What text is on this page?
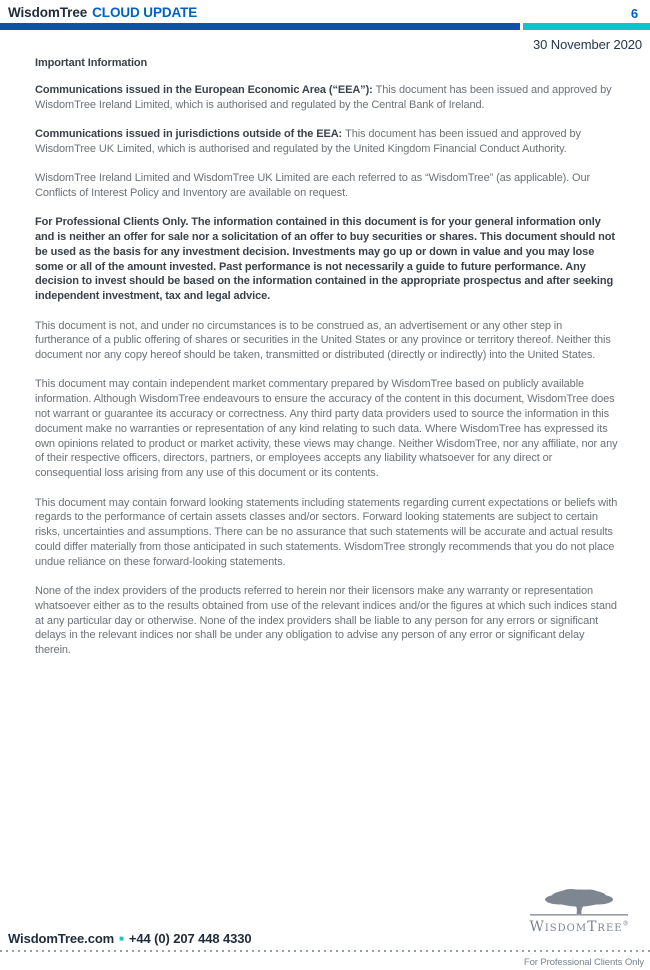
WisdomTree CLOUD UPDATE	6
30 November 2020
Important Information

Communications issued in the European Economic Area (“EEA”): This document has been issued and approved by WisdomTree Ireland Limited, which is authorised and regulated by the Central Bank of Ireland.

Communications issued in jurisdictions outside of the EEA: This document has been issued and approved by WisdomTree UK Limited, which is authorised and regulated by the United Kingdom Financial Conduct Authority.

WisdomTree Ireland Limited and WisdomTree UK Limited are each referred to as “WisdomTree” (as applicable). Our Conflicts of Interest Policy and Inventory are available on request.

For Professional Clients Only. The information contained in this document is for your general information only and is neither an offer for sale nor a solicitation of an offer to buy securities or shares. This document should not be used as the basis for any investment decision. Investments may go up or down in value and you may lose some or all of the amount invested. Past performance is not necessarily a guide to future performance. Any decision to invest should be based on the information contained in the appropriate prospectus and after seeking independent investment, tax and legal advice.

This document is not, and under no circumstances is to be construed as, an advertisement or any other step in furtherance of a public offering of shares or securities in the United States or any province or territory thereof. Neither this document nor any copy hereof should be taken, transmitted or distributed (directly or indirectly) into the United States.

This document may contain independent market commentary prepared by WisdomTree based on publicly available information. Although WisdomTree endeavours to ensure the accuracy of the content in this document, WisdomTree does not warrant or guarantee its accuracy or correctness. Any third party data providers used to source the information in this document make no warranties or representation of any kind relating to such data. Where WisdomTree has expressed its own opinions related to product or market activity, these views may change. Neither WisdomTree, nor any affiliate, nor any of their respective officers, directors, partners, or employees accepts any liability whatsoever for any direct or consequential loss arising from any use of this document or its contents.

This document may contain forward looking statements including statements regarding current expectations or beliefs with regards to the performance of certain assets classes and/or sectors. Forward looking statements are subject to certain risks, uncertainties and assumptions. There can be no assurance that such statements will be accurate and actual results could differ materially from those anticipated in such statements. WisdomTree strongly recommends that you do not place undue reliance on these forward-looking statements.

None of the index providers of the products referred to herein nor their licensors make any warranty or representation whatsoever either as to the results obtained from use of the relevant indices and/or the figures at which such indices stand at any particular day or otherwise. None of the index providers shall be liable to any person for any errors or significant delays in the relevant indices nor shall be under any obligation to advise any person of any error or significant delay therein.

WisdomTree®
WisdomTree.com ■ +44 (0) 207 448 4330
For Professional Clients Only
